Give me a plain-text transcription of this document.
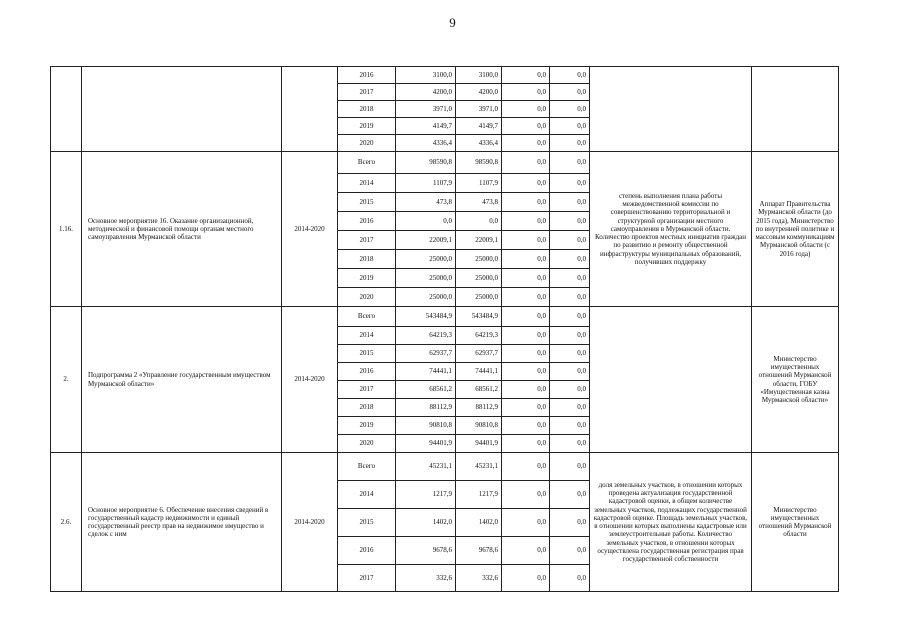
9
			2016	3100,0	3100,0	0,0	0,0		
			2017	4200,0	4200,0	0,0	0,0		
			2018	3971,0	3971,0	0,0	0,0		
			2019	4149,7	4149,7	0,0	0,0		
			2020	4336,4	4336,4	0,0	0,0		
1.16.	Основное мероприятие 16. Оказание организационной, методической и финансовой помощи органам местного самоуправления Мурманской области	2014-2020	Всего	98590,8	98590,8	0,0	0,0	степень выполнения плана работы межведомственной комиссии по совершенствованию территориальной и структурной организации местного самоуправления в Мурманской области. Количество проектов местных инициатив граждан по развитию и ремонту общественной инфраструктуры муниципальных образований, получивших поддержку	Аппарат Правительства Мурманской области (до 2015 года), Министерство по внутренней политике и массовым коммуникациям Мурманской области (с 2016 года)
			2014	1107,9	1107,9	0,0	0,0		
			2015	473,8	473,8	0,0	0,0		
			2016	0,0	0,0	0,0	0,0		
			2017	22009,1	22009,1	0,0	0,0		
			2018	25000,0	25000,0	0,0	0,0		
			2019	25000,0	25000,0	0,0	0,0		
			2020	25000,0	25000,0	0,0	0,0		
2.	Подпрограмма 2 «Управление государственным имуществом Мурманской области»	2014-2020	Всего	543484,9	543484,9	0,0	0,0		Министерство имущественных отношений Мурманской области, ГОБУ «Имущественная казна Мурманской области»
			2014	64219,3	64219,3	0,0	0,0		
			2015	62937,7	62937,7	0,0	0,0		
			2016	74441,1	74441,1	0,0	0,0		
			2017	68561,2	68561,2	0,0	0,0		
			2018	88112,9	88112,9	0,0	0,0		
			2019	90810,8	90810,8	0,0	0,0		
			2020	94401,9	94401,9	0,0	0,0		
2.6.	Основное мероприятие 6. Обеспечение внесения сведений в государственный кадастр недвижимости и единый государственный реестр прав на недвижимое имущество и сделок с ним	2014-2020	Всего	45231,1	45231,1	0,0	0,0	доля земельных участков, в отношении которых проведена актуализация государственной кадастровой оценки, в общем количестве земельных участков, подлежащих государственной кадастровой оценке. Площадь земельных участков, в отношении которых выполнены кадастровые или землеустроительные работы. Количество земельных участков, в отношении которых осуществлена государственная регистрация прав государственной собственности	Министерство имущественных отношений Мурманской области
			2014	1217,9	1217,9	0,0	0,0		
			2015	1402,0	1402,0	0,0	0,0		
			2016	9678,6	9678,6	0,0	0,0		
			2017	332,6	332,6	0,0	0,0		
